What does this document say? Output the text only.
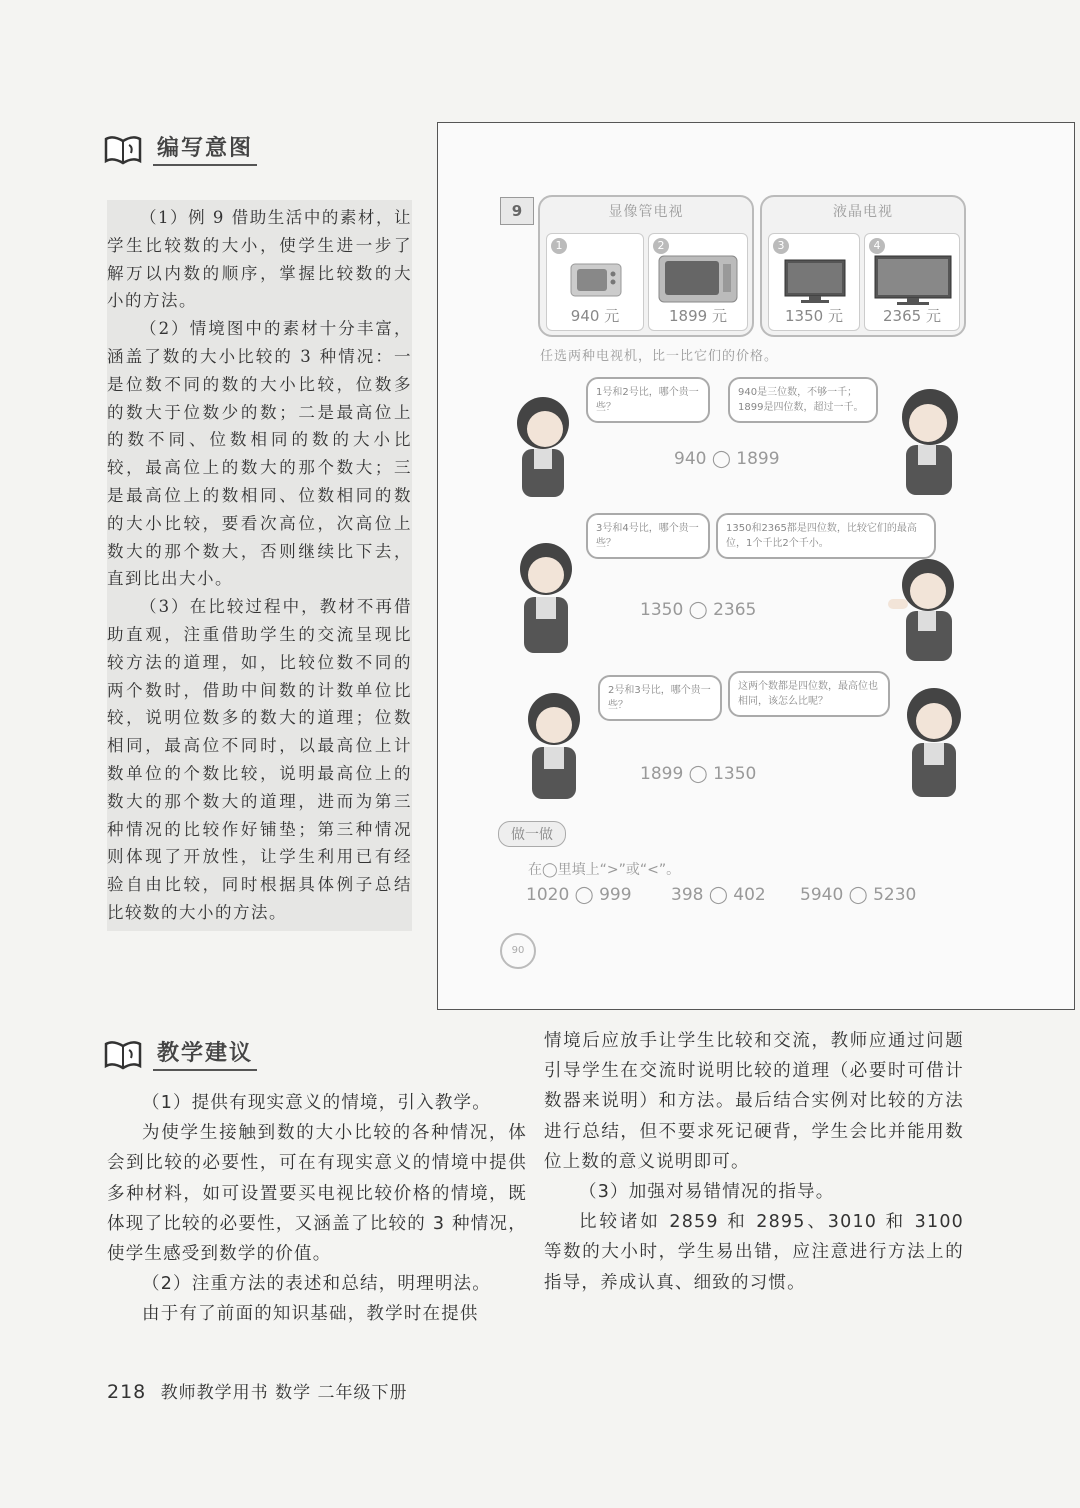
编写意图

（1）例 9 借助生活中的素材，让学生比较数的大小，使学生进一步了解万以内数的顺序，掌握比较数的大小的方法。

（2）情境图中的素材十分丰富，涵盖了数的大小比较的 3 种情况：一是位数不同的数的大小比较，位数多的数大于位数少的数；二是最高位上的数不同、位数相同的数的大小比较，最高位上的数大的那个数大；三是最高位上的数相同、位数相同的数的大小比较，要看次高位，次高位上数大的那个数大，否则继续比下去，直到比出大小。

（3）在比较过程中，教材不再借助直观，注重借助学生的交流呈现比较方法的道理，如，比较位数不同的两个数时，借助中间数的计数单位比较，说明位数多的数大的道理；位数相同，最高位不同时，以最高位上计数单位的个数比较，说明最高位上的数大的那个数大的道理，进而为第三种情况的比较作好铺垫；第三种情况则体现了开放性，让学生利用已有经验自由比较，同时根据具体例子总结比较数的大小的方法。

9	显像管电视
1
940 元
2
1899 元
液晶电视
3
1350 元
4
2365 元
任选两种电视机，比一比它们的价格。
1号和2号比，哪个贵一些？
940是三位数，不够一千；1899是四位数，超过一千。
940 ◯ 1899
3号和4号比，哪个贵一些？
1350和2365都是四位数，比较它们的最高位，1个千比2个千小。
1350 ◯ 2365
2号和3号比，哪个贵一些？
这两个数都是四位数，最高位也相同，该怎么比呢？
1899 ◯ 1350
做一做
在◯里填上“>”或“<”。
1020 ◯ 999 398 ◯ 402 5940 ◯ 5230
90
教学建议

（1）提供有现实意义的情境，引入教学。

为使学生接触到数的大小比较的各种情况，体会到比较的必要性，可在有现实意义的情境中提供多种材料，如可设置要买电视比较价格的情境，既体现了比较的必要性，又涵盖了比较的 3 种情况，使学生感受到数学的价值。

（2）注重方法的表述和总结，明理明法。

由于有了前面的知识基础，教学时在提供

情境后应放手让学生比较和交流，教师应通过问题引导学生在交流时说明比较的道理（必要时可借计数器来说明）和方法。最后结合实例对比较的方法进行总结，但不要求死记硬背，学生会比并能用数位上数的意义说明即可。

（3）加强对易错情况的指导。

比较诸如 2859 和 2895、3010 和 3100 等数的大小时，学生易出错，应注意进行方法上的指导，养成认真、细致的习惯。

218 教师教学用书 数学 二年级下册
